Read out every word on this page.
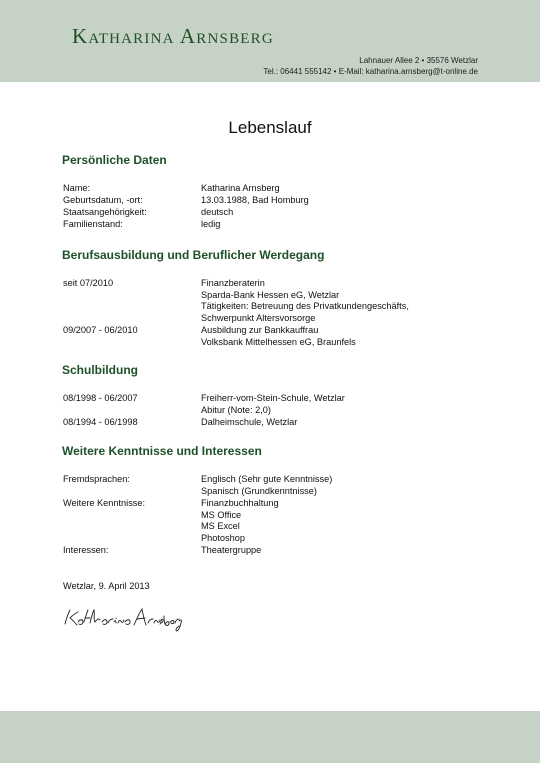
Katharina Arnsberg
Lahnauer Allee 2 • 35576 Wetzlar
Tel.: 06441 555142 • E-Mail: katharina.arnsberg@t-online.de
Lebenslauf
Persönliche Daten
Name:	Katharina Arnsberg
Geburtsdatum, -ort:	13.03.1988, Bad Homburg
Staatsangehörigkeit:	deutsch
Familienstand:	ledig
Berufsausbildung und Beruflicher Werdegang
seit 07/2010	Finanzberaterin
Sparda-Bank Hessen eG, Wetzlar
Tätigkeiten: Betreuung des Privatkundengeschäfts,
Schwerpunkt Altersvorsorge
09/2007 - 06/2010	Ausbildung zur Bankkauffrau
Volksbank Mittelhessen eG, Braunfels
Schulbildung
08/1998 - 06/2007	Freiherr-vom-Stein-Schule, Wetzlar
Abitur (Note: 2,0)
08/1994 - 06/1998	Dalheimschule, Wetzlar
Weitere Kenntnisse und Interessen
Fremdsprachen:	Englisch (Sehr gute Kenntnisse)
Spanisch (Grundkenntnisse)
Weitere Kenntnisse:	Finanzbuchhaltung
MS Office
MS Excel
Photoshop
Interessen:	Theatergruppe
Wetzlar, 9. April 2013
